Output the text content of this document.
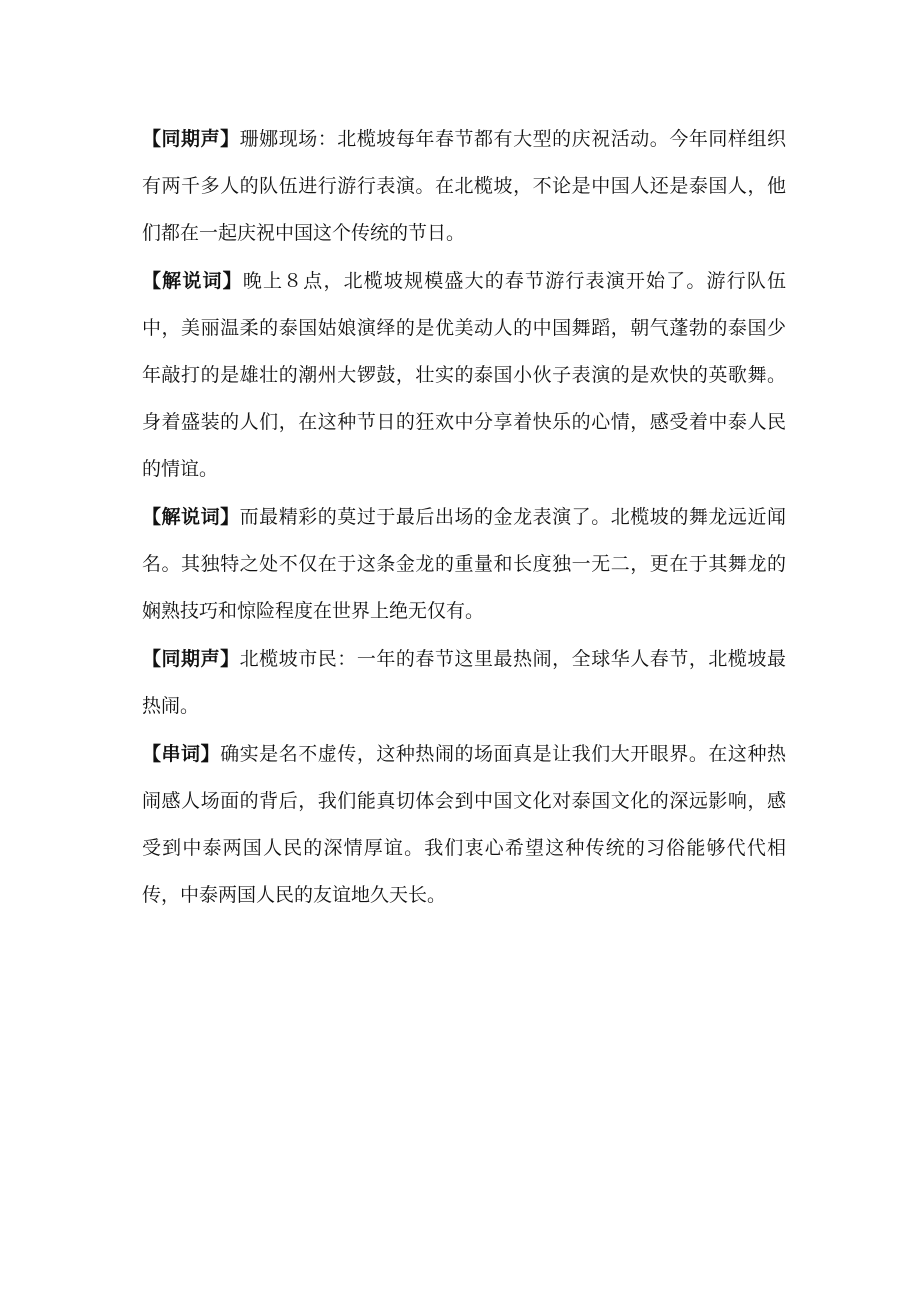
【同期声】珊娜现场：北榄坡每年春节都有大型的庆祝活动。今年同样组织有两千多人的队伍进行游行表演。在北榄坡，不论是中国人还是泰国人，他们都在一起庆祝中国这个传统的节日。

【解说词】晚上８点，北榄坡规模盛大的春节游行表演开始了。游行队伍中，美丽温柔的泰国姑娘演绎的是优美动人的中国舞蹈，朝气蓬勃的泰国少年敲打的是雄壮的潮州大锣鼓，壮实的泰国小伙子表演的是欢快的英歌舞。身着盛装的人们，在这种节日的狂欢中分享着快乐的心情，感受着中泰人民的情谊。

【解说词】而最精彩的莫过于最后出场的金龙表演了。北榄坡的舞龙远近闻名。其独特之处不仅在于这条金龙的重量和长度独一无二，更在于其舞龙的娴熟技巧和惊险程度在世界上绝无仅有。

【同期声】北榄坡市民：一年的春节这里最热闹，全球华人春节，北榄坡最热闹。

【串词】确实是名不虚传，这种热闹的场面真是让我们大开眼界。在这种热闹感人场面的背后，我们能真切体会到中国文化对泰国文化的深远影响，感受到中泰两国人民的深情厚谊。我们衷心希望这种传统的习俗能够代代相传，中泰两国人民的友谊地久天长。
